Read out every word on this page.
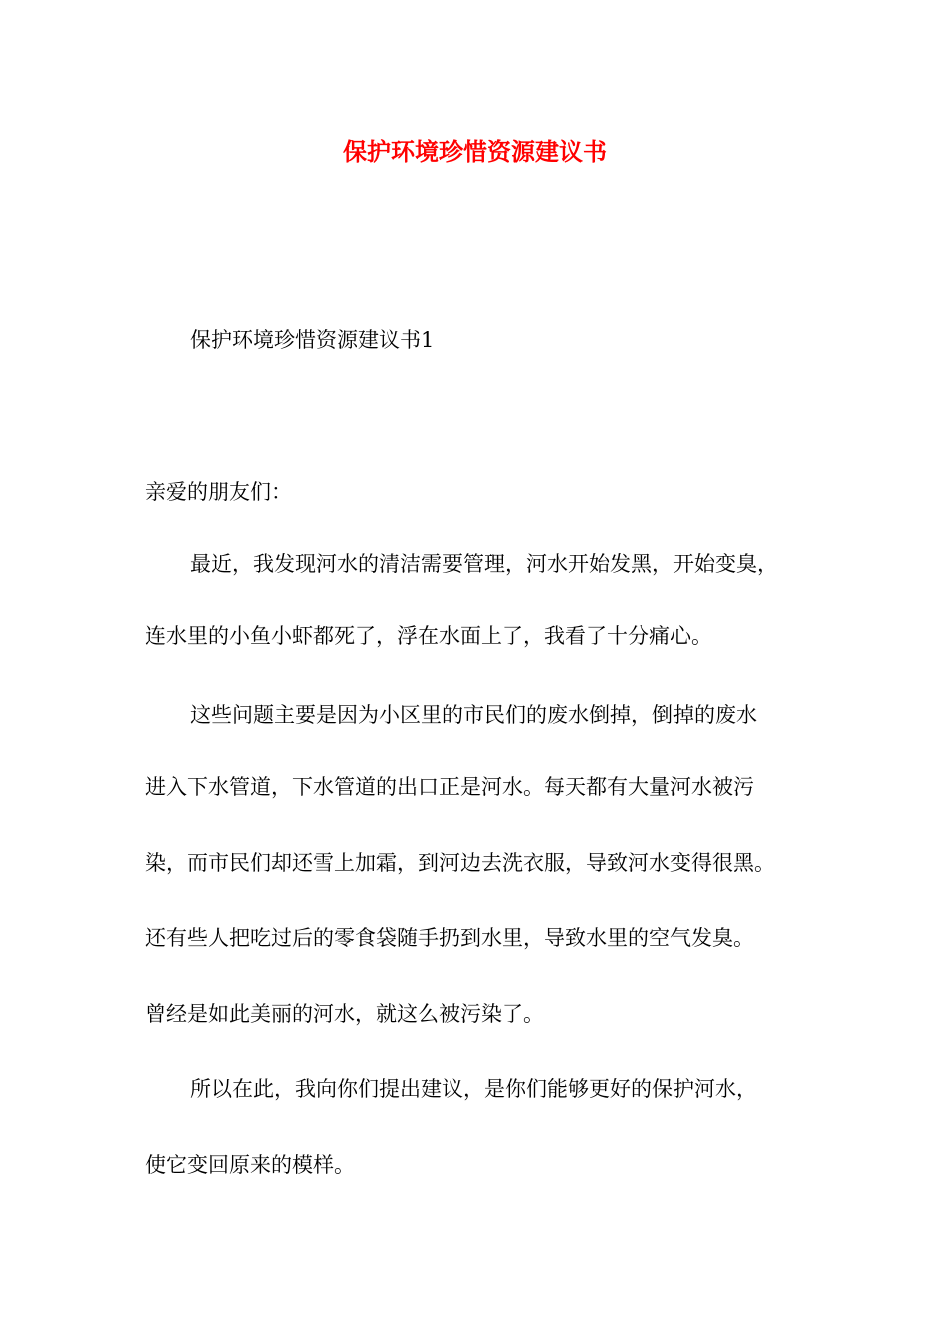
保护环境珍惜资源建议书

保护环境珍惜资源建议书1

亲爱的朋友们：

最近，我发现河水的清洁需要管理，河水开始发黑，开始变臭，

连水里的小鱼小虾都死了，浮在水面上了，我看了十分痛心。

这些问题主要是因为小区里的市民们的废水倒掉，倒掉的废水

进入下水管道，下水管道的出口正是河水。每天都有大量河水被污

染，而市民们却还雪上加霜，到河边去洗衣服，导致河水变得很黑。

还有些人把吃过后的零食袋随手扔到水里，导致水里的空气发臭。

曾经是如此美丽的河水，就这么被污染了。

所以在此，我向你们提出建议，是你们能够更好的保护河水，

使它变回原来的模样。
